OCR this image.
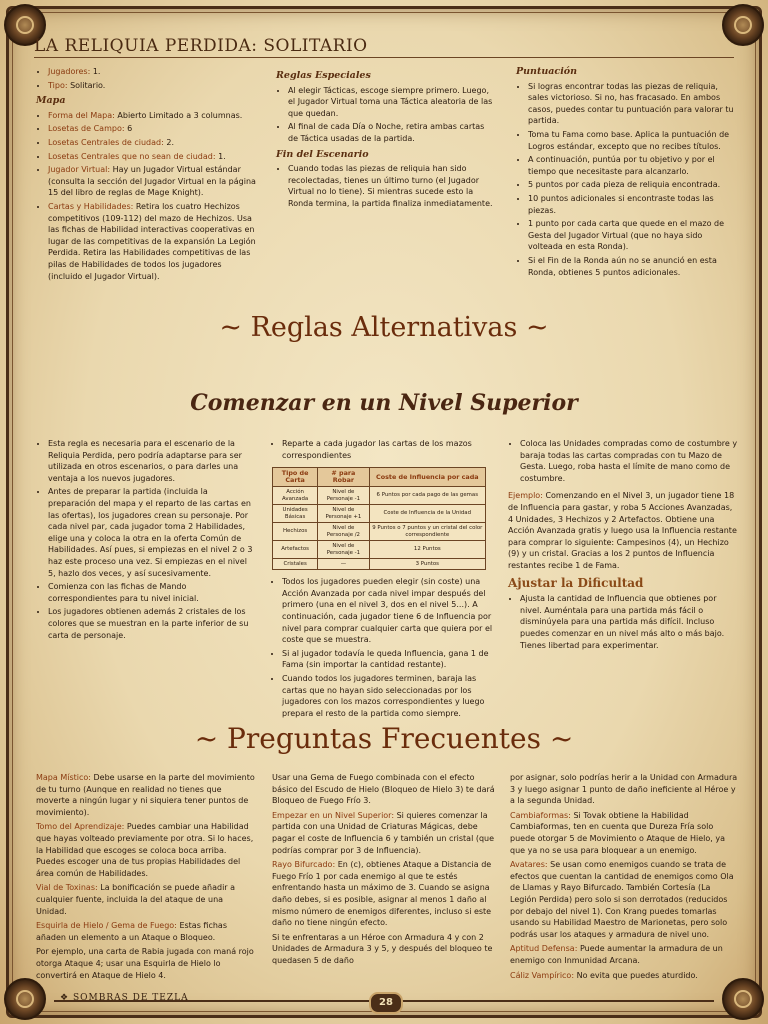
LA RELIQUIA PERDIDA: SOLITARIO
• Jugadores: 1.
• Tipo: Solitario.
Mapa
• Forma del Mapa: Abierto Limitado a 3 columnas.
• Losetas de Campo: 6
• Losetas Centrales de ciudad: 2.
• Losetas Centrales que no sean de ciudad: 1.
• Jugador Virtual: Hay un Jugador Virtual estándar (consulta la sección del Jugador Virtual en la página 15 del libro de reglas de Mage Knight).
• Cartas y Habilidades: Retira los cuatro Hechizos competitivos (109-112) del mazo de Hechizos. Usa las fichas de Habilidad interactivas cooperativas en lugar de las competitivas de la expansión La Legión Perdida. Retira las Habilidades competitivas de las pilas de Habilidades de todos los jugadores (incluido el Jugador Virtual).
Reglas Especiales
• Al elegir Tácticas, escoge siempre primero. Luego, el Jugador Virtual toma una Táctica aleatoria de las que quedan.
• Al final de cada Día o Noche, retira ambas cartas de Táctica usadas de la partida.
Fin del Escenario
• Cuando todas las piezas de reliquia han sido recolectadas, tienes un último turno (el Jugador Virtual no lo tiene). Si mientras sucede esto la Ronda termina, la partida finaliza inmediatamente.
Puntuación
• Si logras encontrar todas las piezas de reliquia, sales victorioso. Si no, has fracasado. En ambos casos, puedes contar tu puntuación para valorar tu partida.
• Toma tu Fama como base. Aplica la puntuación de Logros estándar, excepto que no recibes títulos.
• A continuación, puntúa por tu objetivo y por el tiempo que necesitaste para alcanzarlo.
• 5 puntos por cada pieza de reliquia encontrada.
• 10 puntos adicionales si encontraste todas las piezas.
• 1 punto por cada carta que quede en el mazo de Gesta del Jugador Virtual (que no haya sido volteada en esta Ronda).
• Si el Fin de la Ronda aún no se anunció en esta Ronda, obtienes 5 puntos adicionales.
~ Reglas Alternativas ~
Comenzar en un Nivel Superior
• Esta regla es necesaria para el escenario de la Reliquia Perdida, pero podría adaptarse para ser utilizada en otros escenarios, o para darles una ventaja a los nuevos jugadores.
• Antes de preparar la partida (incluida la preparación del mapa y el reparto de las cartas en las ofertas), los jugadores crean su personaje. Por cada nivel par, cada jugador toma 2 Habilidades, elige una y coloca la otra en la oferta Común de Habilidades. Así pues, si empiezas en el nivel 2 o 3 haz este proceso una vez. Si empiezas en el nivel 5, hazlo dos veces, y así sucesivamente.
• Comienza con las fichas de Mando correspondientes para tu nivel inicial.
• Los jugadores obtienen además 2 cristales de los colores que se muestran en la parte inferior de su carta de personaje.
• Reparte a cada jugador las cartas de los mazos correspondientes
Tipo de Carta	# para Robar	Coste de Influencia por cada
Acción Avanzada	Nivel de Personaje -1	6 Puntos por cada pago de las gemas
Unidades Básicas	Nivel de Personaje +1	Coste de Influencia de la Unidad
Hechizos	Nivel de Personaje /2	9 Puntos o 7 puntos y un cristal del color correspondiente
Artefactos	Nivel de Personaje -1	12 Puntos
Cristales	—	3 Puntos
• Todos los jugadores pueden elegir (sin coste) una Acción Avanzada por cada nivel impar después del primero (una en el nivel 3, dos en el nivel 5...). A continuación, cada jugador tiene 6 de Influencia por nivel para comprar cualquier carta que quiera por el coste que se muestra.
• Si al jugador todavía le queda Influencia, gana 1 de Fama (sin importar la cantidad restante).
• Cuando todos los jugadores terminen, baraja las cartas que no hayan sido seleccionadas por los jugadores con los mazos correspondientes y luego prepara el resto de la partida como siempre.
• Coloca las Unidades compradas como de costumbre y baraja todas las cartas compradas con tu Mazo de Gesta. Luego, roba hasta el límite de mano como de costumbre.

Ejemplo: Comenzando en el Nivel 3, un jugador tiene 18 de Influencia para gastar, y roba 5 Acciones Avanzadas, 4 Unidades, 3 Hechizos y 2 Artefactos. Obtiene una Acción Avanzada gratis y luego usa la Influencia restante para comprar lo siguiente: Campesinos (4), un Hechizo (9) y un cristal. Gracias a los 2 puntos de Influencia restantes recibe 1 de Fama.

Ajustar la Dificultad
• Ajusta la cantidad de Influencia que obtienes por nivel. Auméntala para una partida más fácil o disminúyela para una partida más difícil. Incluso puedes comenzar en un nivel más alto o más bajo. Tienes libertad para experimentar.
~ Preguntas Frecuentes ~

Mapa Místico: Debe usarse en la parte del movimiento de tu turno (Aunque en realidad no tienes que moverte a ningún lugar y ni siquiera tener puntos de movimiento).

Tomo del Aprendizaje: Puedes cambiar una Habilidad que hayas volteado previamente por otra. Si lo haces, la Habilidad que escoges se coloca boca arriba. Puedes escoger una de tus propias Habilidades del área común de Habilidades.

Vial de Toxinas: La bonificación se puede añadir a cualquier fuente, incluida la del ataque de una Unidad.

Esquirla de Hielo / Gema de Fuego: Estas fichas añaden un elemento a un Ataque o Bloqueo.

Por ejemplo, una carta de Rabia jugada con maná rojo otorga Ataque 4; usar una Esquirla de Hielo lo convertirá en Ataque de Hielo 4.

Usar una Gema de Fuego combinada con el efecto básico del Escudo de Hielo (Bloqueo de Hielo 3) te dará Bloqueo de Fuego Frío 3.

Empezar en un Nivel Superior: Si quieres comenzar la partida con una Unidad de Criaturas Mágicas, debe pagar el coste de Influencia 6 y también un cristal (que podrías comprar por 3 de Influencia).

Rayo Bifurcado: En (c), obtienes Ataque a Distancia de Fuego Frío 1 por cada enemigo al que te estés enfrentando hasta un máximo de 3. Cuando se asigna daño debes, si es posible, asignar al menos 1 daño al mismo número de enemigos diferentes, incluso si este daño no tiene ningún efecto.

Si te enfrentaras a un Héroe con Armadura 4 y con 2 Unidades de Armadura 3 y 5, y después del bloqueo te quedasen 5 de daño

por asignar, solo podrías herir a la Unidad con Armadura 3 y luego asignar 1 punto de daño ineficiente al Héroe y a la segunda Unidad.

Cambiaformas: Si Tovak obtiene la Habilidad Cambiaformas, ten en cuenta que Dureza Fría solo puede otorgar 5 de Movimiento o Ataque de Hielo, ya que ya no se usa para bloquear a un enemigo.

Avatares: Se usan como enemigos cuando se trata de efectos que cuentan la cantidad de enemigos como Ola de Llamas y Rayo Bifurcado. También Cortesía (La Legión Perdida) pero solo si son derrotados (reducidos por debajo del nivel 1). Con Krang puedes tomarlas usando su Habilidad Maestro de Marionetas, pero solo podrás usar los ataques y armadura de nivel uno.

Aptitud Defensa: Puede aumentar la armadura de un enemigo con Inmunidad Arcana.

Cáliz Vampírico: No evita que puedes aturdido.

❖ SOMBRAS DE TEZLA	28
